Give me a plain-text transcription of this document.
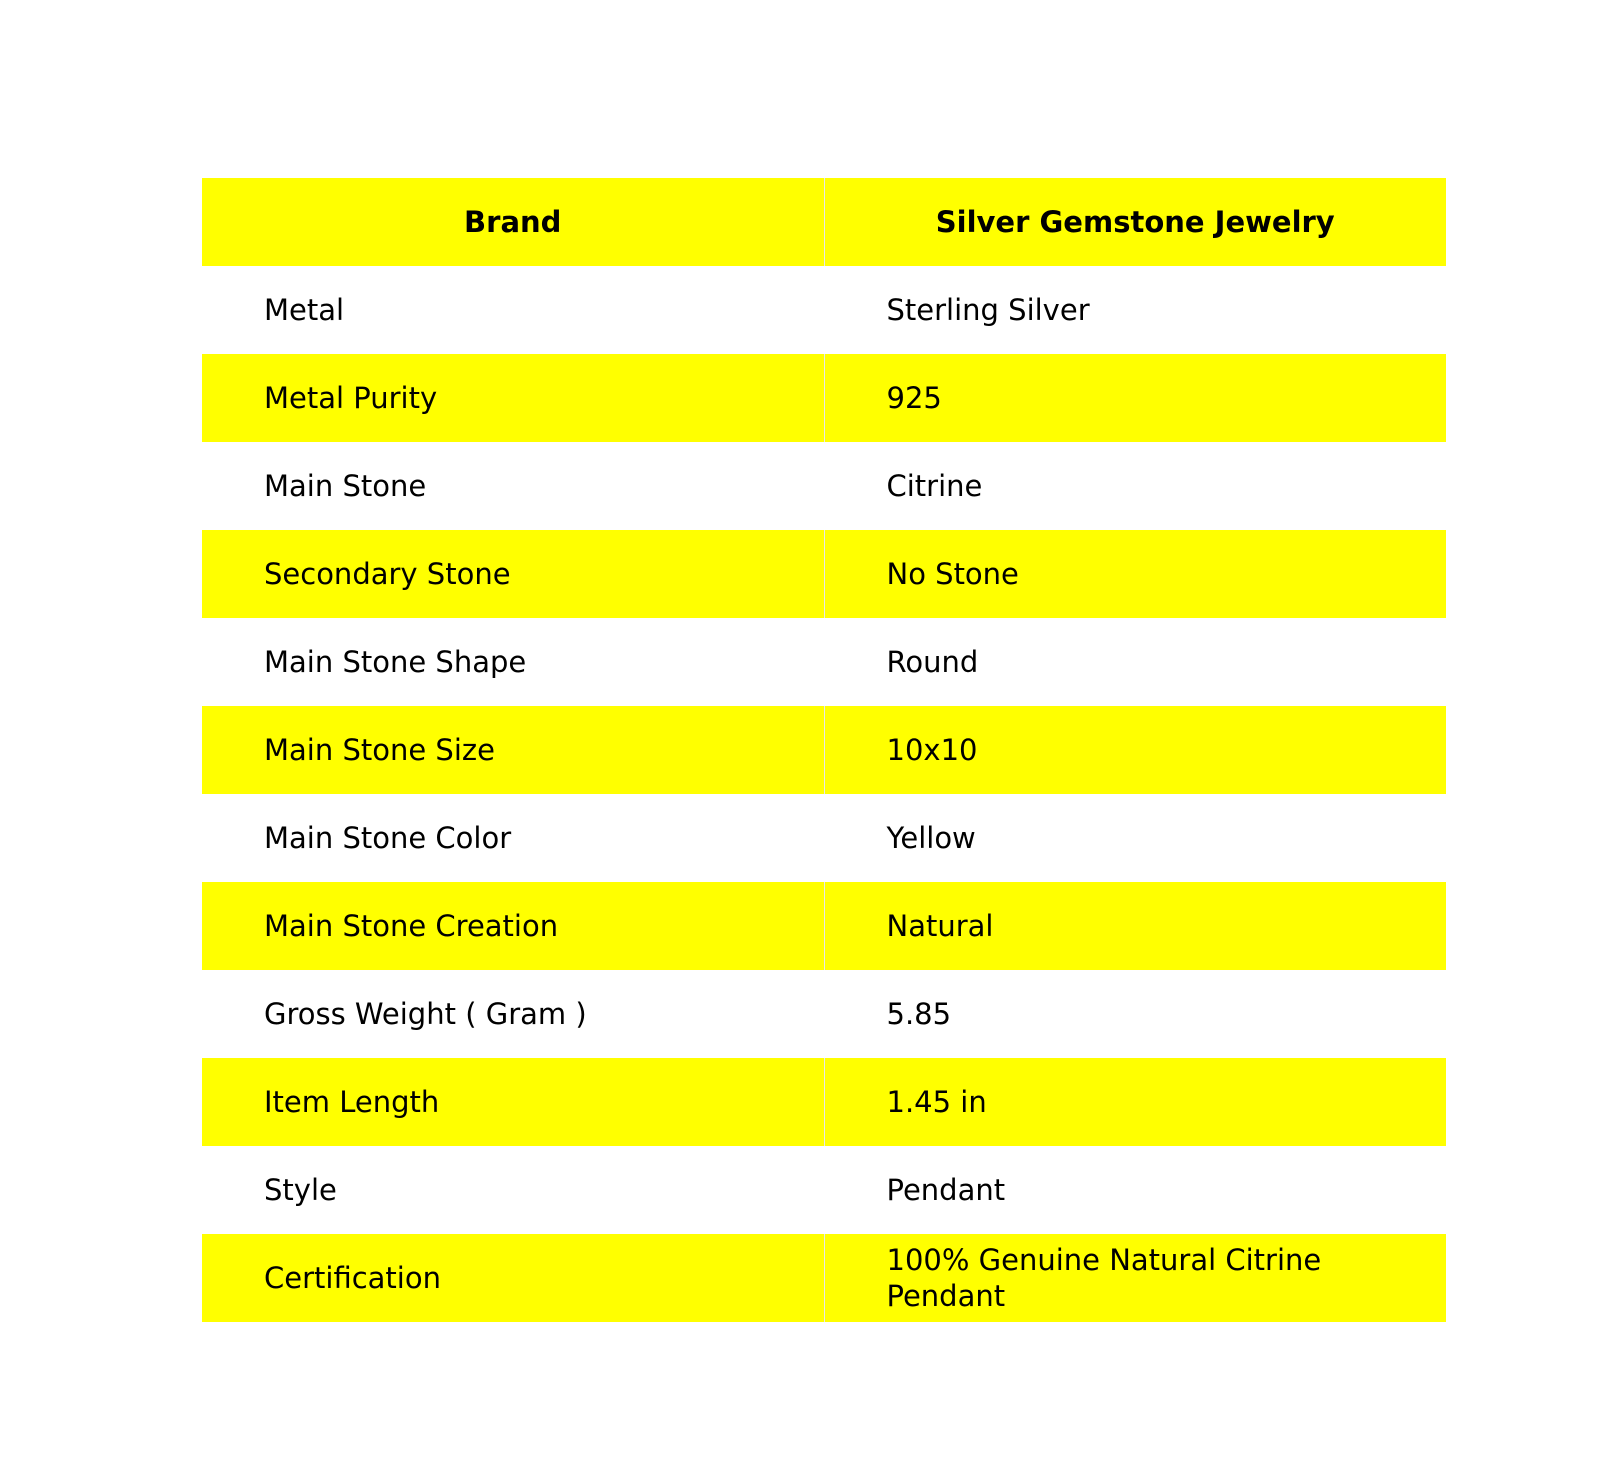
Brand	Silver Gemstone Jewelry
Metal	Sterling Silver
Metal Purity	925
Main Stone	Citrine
Secondary Stone	No Stone
Main Stone Shape	Round
Main Stone Size	10x10
Main Stone Color	Yellow
Main Stone Creation	Natural
Gross Weight ( Gram )	5.85
Item Length	1.45 in
Style	Pendant
Certification	100% Genuine Natural Citrine Pendant
